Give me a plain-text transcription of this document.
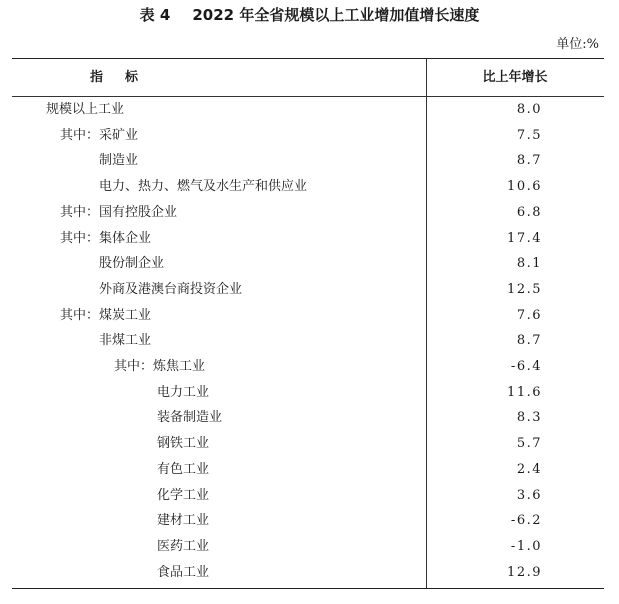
表 4 2022 年全省规模以上工业增加值增长速度
单位:%
指标	比上年增长
规模以上工业	8.0
其中：采矿业	7.5
制造业	8.7
电力、热力、燃气及水生产和供应业	10.6
其中：国有控股企业	6.8
其中：集体企业	17.4
股份制企业	8.1
外商及港澳台商投资企业	12.5
其中：煤炭工业	7.6
非煤工业	8.7
其中：炼焦工业	-6.4
电力工业	11.6
装备制造业	8.3
钢铁工业	5.7
有色工业	2.4
化学工业	3.6
建材工业	-6.2
医药工业	-1.0
食品工业	12.9
